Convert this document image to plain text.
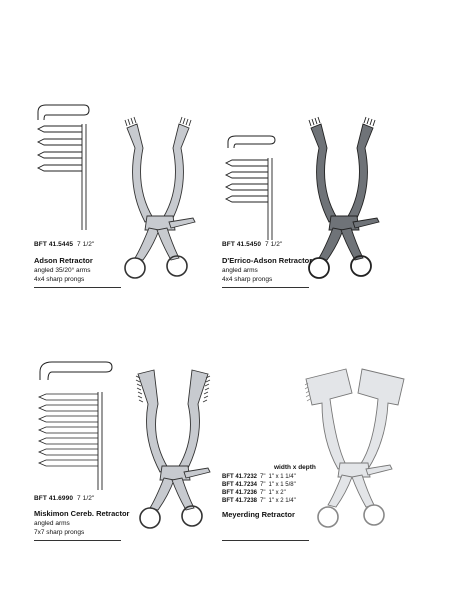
BFT 41.5445 7 1/2"
Adson Retractor
angled 35/20° arms
4x4 sharp prongs
BFT 41.5450 7 1/2"
D'Errico-Adson Retractor
angled arms
4x4 sharp prongs
BFT 41.6990 7 1/2"
Miskimon Cereb. Retractor
angled arms
7x7 sharp prongs
width x depth
BFT 41.7232	7"	1" x 1 1/4"
BFT 41.7234	7"	1" x 1 5/8"
BFT 41.7236	7"	1" x 2"
BFT 41.7238	7"	1" x 2 1/4"
Meyerding Retractor
